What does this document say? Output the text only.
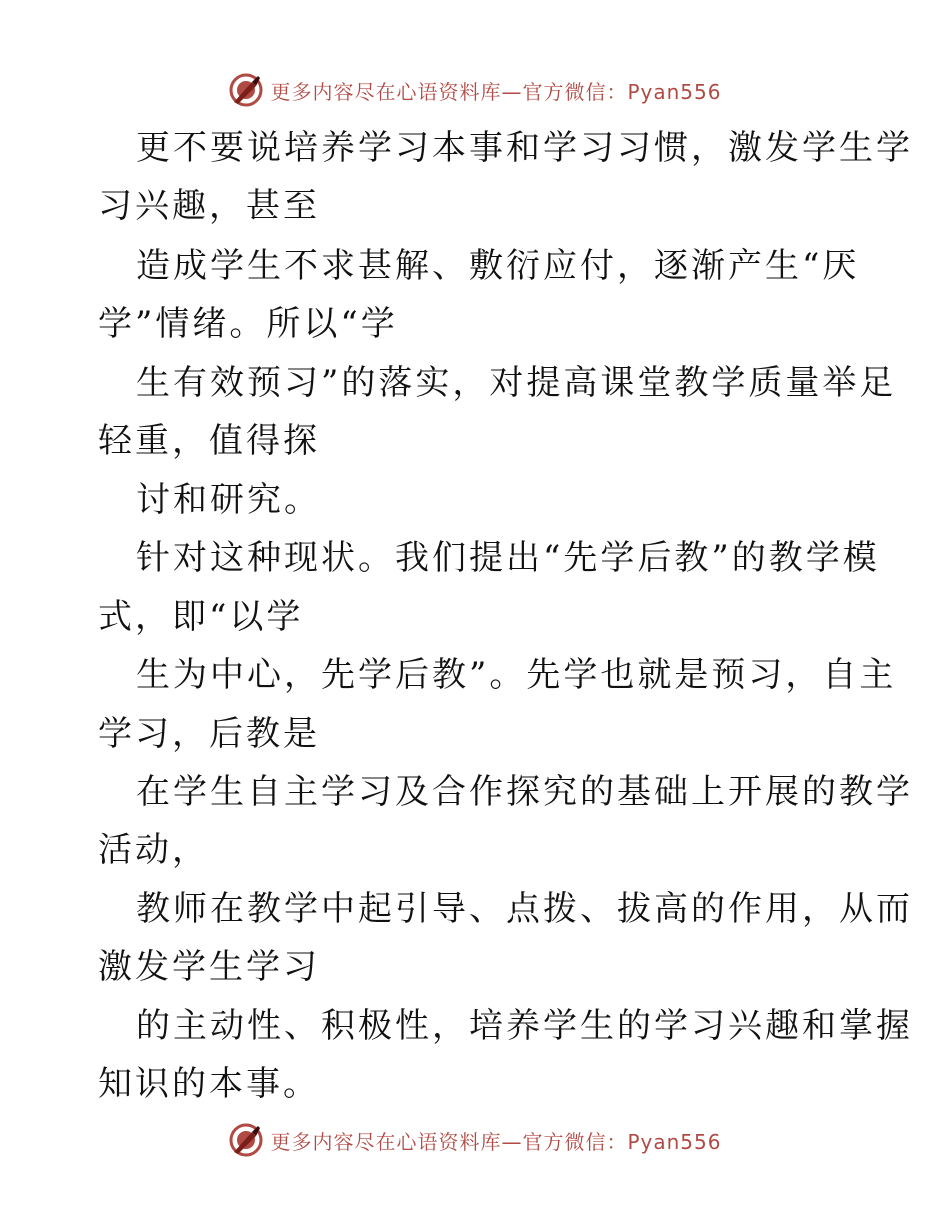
更多内容尽在心语资料库—官方微信：Pyan556
更不要说培养学习本事和学习习惯，激发学生学
习兴趣，甚至
造成学生不求甚解、敷衍应付，逐渐产生“厌
学”情绪。所以“学
生有效预习”的落实，对提高课堂教学质量举足
轻重，值得探
讨和研究。
针对这种现状。我们提出“先学后教”的教学模
式，即“以学
生为中心，先学后教”。先学也就是预习，自主
学习，后教是
在学生自主学习及合作探究的基础上开展的教学
活动，
教师在教学中起引导、点拨、拔高的作用，从而
激发学生学习
的主动性、积极性，培养学生的学习兴趣和掌握
知识的本事。
更多内容尽在心语资料库—官方微信：Pyan556
